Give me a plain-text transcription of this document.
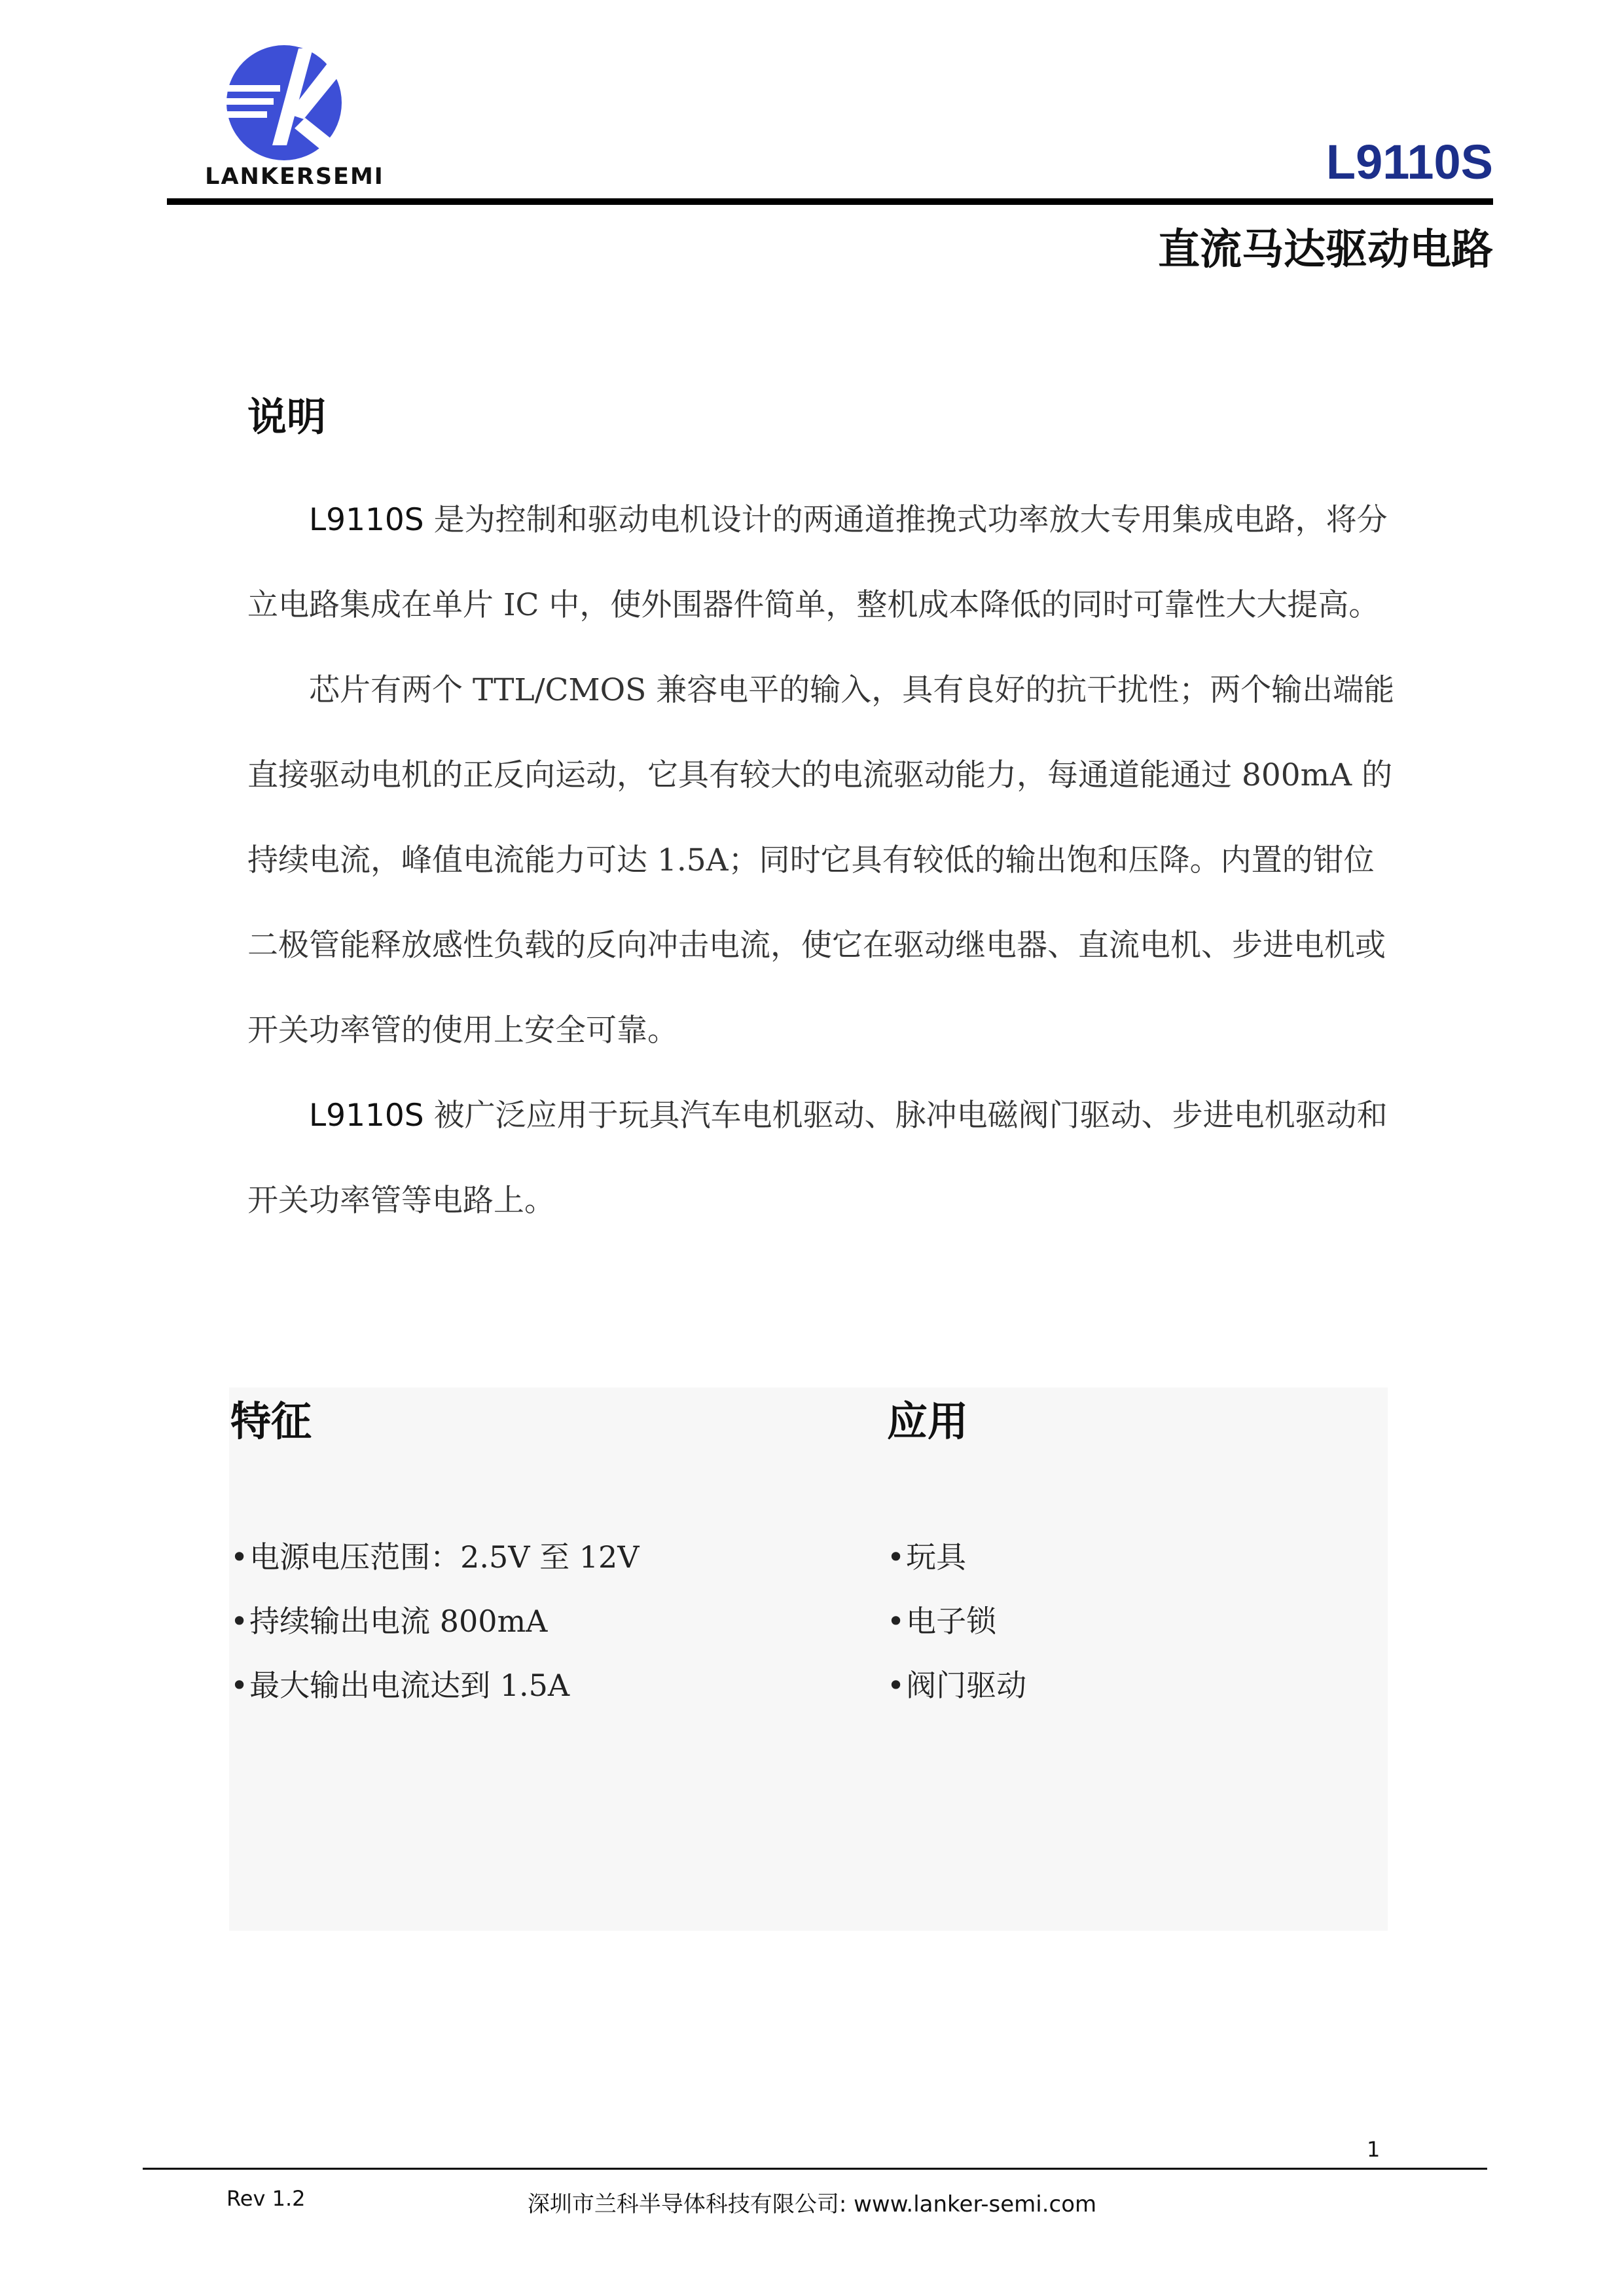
LANKERSEMI	L9110S
直流马达驱动电路
说明

L9110S 是为控制和驱动电机设计的两通道推挽式功率放大专用集成电路，将分立电路集成在单片 IC 中，使外围器件简单，整机成本降低的同时可靠性大大提高。

芯片有两个 TTL/CMOS 兼容电平的输入，具有良好的抗干扰性；两个输出端能直接驱动电机的正反向运动，它具有较大的电流驱动能力，每通道能通过 800mA 的持续电流，峰值电流能力可达 1.5A；同时它具有较低的输出饱和压降。内置的钳位二极管能释放感性负载的反向冲击电流，使它在驱动继电器、直流电机、步进电机或开关功率管的使用上安全可靠。

L9110S 被广泛应用于玩具汽车电机驱动、脉冲电磁阀门驱动、步进电机驱动和开关功率管等电路上。

特征	应用
• 电源电压范围：2.5V 至 12V
• 持续输出电流 800mA
• 最大输出电流达到 1.5A
• 玩具
• 电子锁
• 阀门驱动
1
Rev 1.2	深圳市兰科半导体科技有限公司: www.lanker-semi.com
